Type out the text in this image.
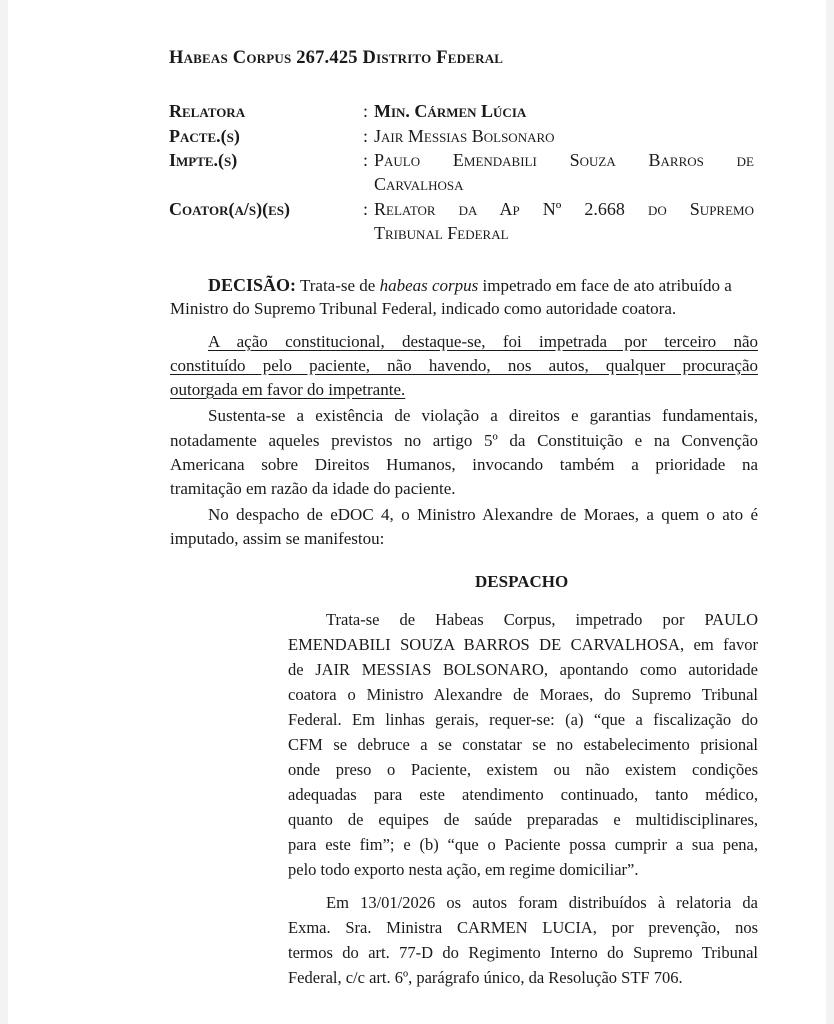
Habeas Corpus 267.425 Distrito Federal
Relatora	: Min. Cármen Lúcia
Pacte.(s)	: Jair Messias Bolsonaro
Impte.(s)	: Paulo Emendabili Souza Barros de
Carvalhosa
Coator(a/s)(es)	: Relator da Ap Nº 2.668 do Supremo
Tribunal Federal
DECISÃO: Trata-se de habeas corpus impetrado em face de ato atribuído a
Ministro do Supremo Tribunal Federal, indicado como autoridade coatora.
A ação constitucional, destaque-se, foi impetrada por terceiro não
constituído pelo paciente, não havendo, nos autos, qualquer procuração
outorgada em favor do impetrante.
Sustenta-se a existência de violação a direitos e garantias fundamentais,
notadamente aqueles previstos no artigo 5º da Constituição e na Convenção
Americana sobre Direitos Humanos, invocando também a prioridade na
tramitação em razão da idade do paciente.
No despacho de eDOC 4, o Ministro Alexandre de Moraes, a quem o ato é
imputado, assim se manifestou:
DESPACHO
Trata-se de Habeas Corpus, impetrado por PAULO
EMENDABILI SOUZA BARROS DE CARVALHOSA, em favor
de JAIR MESSIAS BOLSONARO, apontando como autoridade
coatora o Ministro Alexandre de Moraes, do Supremo Tribunal
Federal. Em linhas gerais, requer-se: (a) “que a fiscalização do
CFM se debruce a se constatar se no estabelecimento prisional
onde preso o Paciente, existem ou não existem condições
adequadas para este atendimento continuado, tanto médico,
quanto de equipes de saúde preparadas e multidisciplinares,
para este fim”; e (b) “que o Paciente possa cumprir a sua pena,
pelo todo exporto nesta ação, em regime domiciliar”.
Em 13/01/2026 os autos foram distribuídos à relatoria da
Exma. Sra. Ministra CARMEN LUCIA, por prevenção, nos
termos do art. 77-D do Regimento Interno do Supremo Tribunal
Federal, c/c art. 6º, parágrafo único, da Resolução STF 706.
